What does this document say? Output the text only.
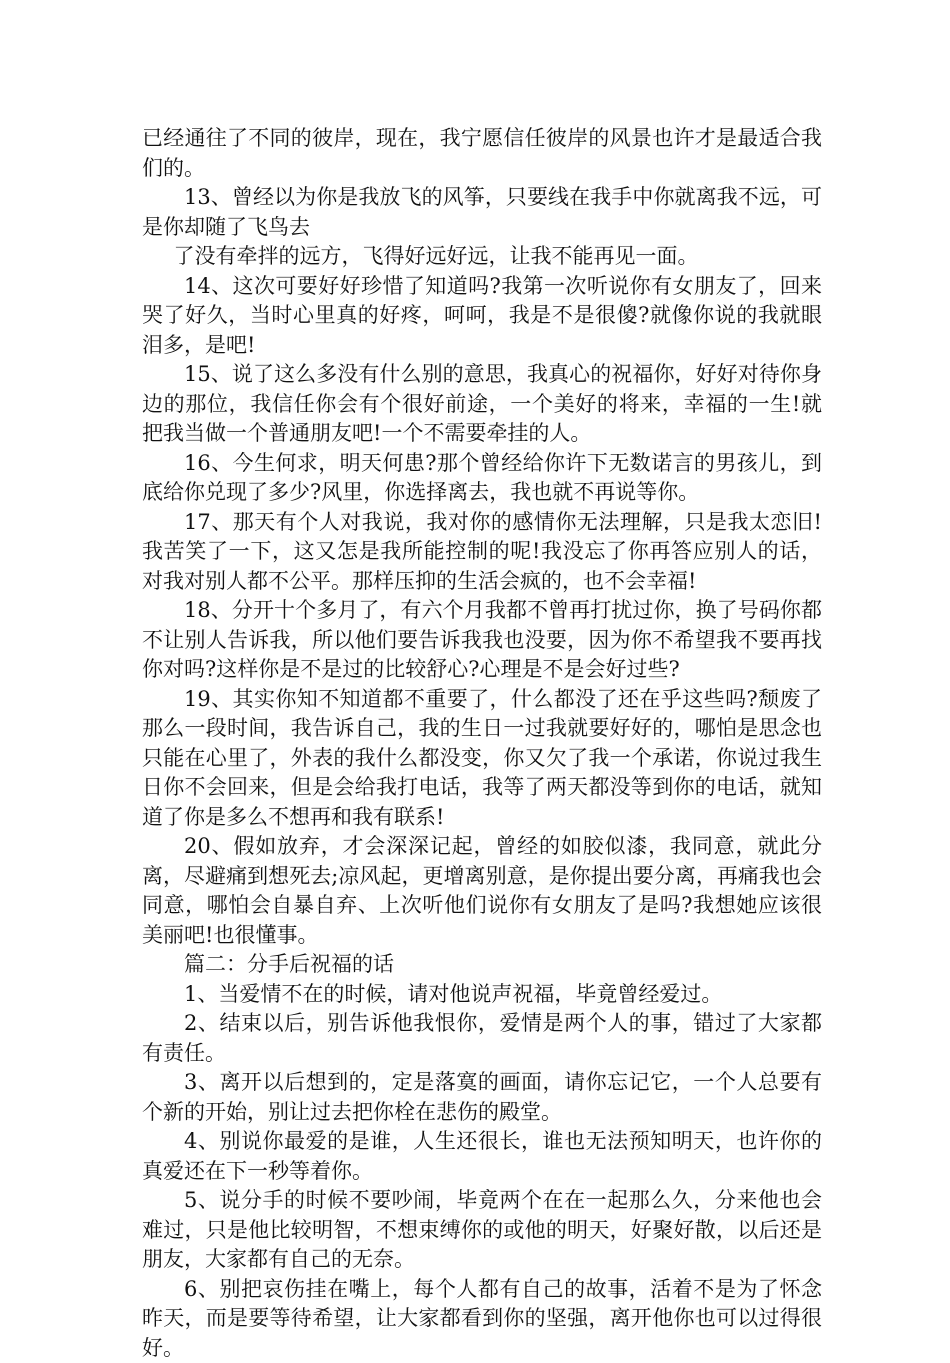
已经通往了不同的彼岸，现在，我宁愿信任彼岸的风景也许才是最适合我们的。

13、曾经以为你是我放飞的风筝，只要线在我手中你就离我不远，可是你却随了飞鸟去

了没有牵拌的远方，飞得好远好远，让我不能再见一面。

14、这次可要好好珍惜了知道吗?我第一次听说你有女朋友了，回来哭了好久，当时心里真的好疼，呵呵，我是不是很傻?就像你说的我就眼泪多，是吧!

15、说了这么多没有什么别的意思，我真心的祝福你，好好对待你身边的那位，我信任你会有个很好前途，一个美好的将来，幸福的一生!就把我当做一个普通朋友吧!一个不需要牵挂的人。

16、今生何求，明天何患?那个曾经给你许下无数诺言的男孩儿，到底给你兑现了多少?风里，你选择离去，我也就不再说等你。

17、那天有个人对我说，我对你的感情你无法理解，只是我太恋旧!我苦笑了一下，这又怎是我所能控制的呢!我没忘了你再答应别人的话，对我对别人都不公平。那样压抑的生活会疯的，也不会幸福!

18、分开十个多月了，有六个月我都不曾再打扰过你，换了号码你都不让别人告诉我，所以他们要告诉我我也没要，因为你不希望我不要再找你对吗?这样你是不是过的比较舒心?心理是不是会好过些?

19、其实你知不知道都不重要了，什么都没了还在乎这些吗?颓废了那么一段时间，我告诉自己，我的生日一过我就要好好的，哪怕是思念也只能在心里了，外表的我什么都没变，你又欠了我一个承诺，你说过我生日你不会回来，但是会给我打电话，我等了两天都没等到你的电话，就知道了你是多么不想再和我有联系!

20、假如放弃，才会深深记起，曾经的如胶似漆，我同意，就此分离，尽避痛到想死去;凉风起，更增离别意，是你提出要分离，再痛我也会同意，哪怕会自暴自弃、上次听他们说你有女朋友了是吗?我想她应该很美丽吧!也很懂事。

篇二：分手后祝福的话

1、当爱情不在的时候，请对他说声祝福，毕竟曾经爱过。

2、结束以后，别告诉他我恨你，爱情是两个人的事，错过了大家都有责任。

3、离开以后想到的，定是落寞的画面，请你忘记它，一个人总要有个新的开始，别让过去把你栓在悲伤的殿堂。

4、别说你最爱的是谁，人生还很长，谁也无法预知明天，也许你的真爱还在下一秒等着你。

5、说分手的时候不要吵闹，毕竟两个在在一起那么久，分来他也会难过，只是他比较明智，不想束缚你的或他的明天，好聚好散，以后还是朋友，大家都有自己的无奈。

6、别把哀伤挂在嘴上，每个人都有自己的故事，活着不是为了怀念昨天，而是要等待希望，让大家都看到你的坚强，离开他你也可以过得很好。
